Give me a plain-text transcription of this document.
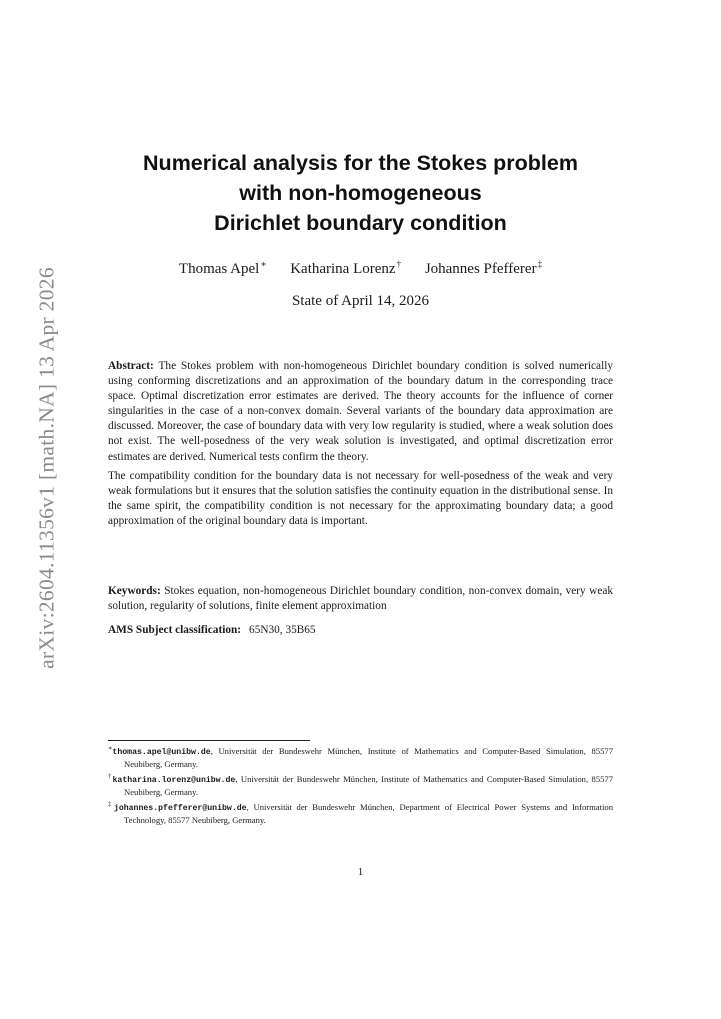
arXiv:2604.11356v1 [math.NA] 13 Apr 2026
Numerical analysis for the Stokes problem
with non-homogeneous
Dirichlet boundary condition
Thomas Apel∗ Katharina Lorenz† Johannes Pfefferer‡
State of April 14, 2026

Abstract: The Stokes problem with non-homogeneous Dirichlet boundary condition is solved numerically using conforming discretizations and an approximation of the boundary datum in the corresponding trace space. Optimal discretization error estimates are derived. The theory accounts for the influence of corner singularities in the case of a non-convex domain. Several variants of the boundary data approximation are discussed. Moreover, the case of boundary data with very low regularity is studied, where a weak solution does not exist. The well-posedness of the very weak solution is investigated, and optimal discretization error estimates are derived. Numerical tests confirm the theory.

The compatibility condition for the boundary data is not necessary for well-posedness of the weak and very weak formulations but it ensures that the solution satisfies the continuity equation in the distributional sense. In the same spirit, the compatibility condition is not necessary for the approximating boundary data; a good approximation of the original boundary data is important.

Keywords: Stokes equation, non-homogeneous Dirichlet boundary condition, non-convex domain, very weak solution, regularity of solutions, finite element approximation
AMS Subject classification: 65N30, 35B65
∗thomas.apel@unibw.de, Universität der Bundeswehr München, Institute of Mathematics and Computer-Based Simulation, 85577 Neubiberg, Germany.
†katharina.lorenz@unibw.de, Universität der Bundeswehr München, Institute of Mathematics and Computer-Based Simulation, 85577 Neubiberg, Germany.
‡johannes.pfefferer@unibw.de, Universität der Bundeswehr München, Department of Electrical Power Systems and Information Technology, 85577 Neubiberg, Germany.
1
